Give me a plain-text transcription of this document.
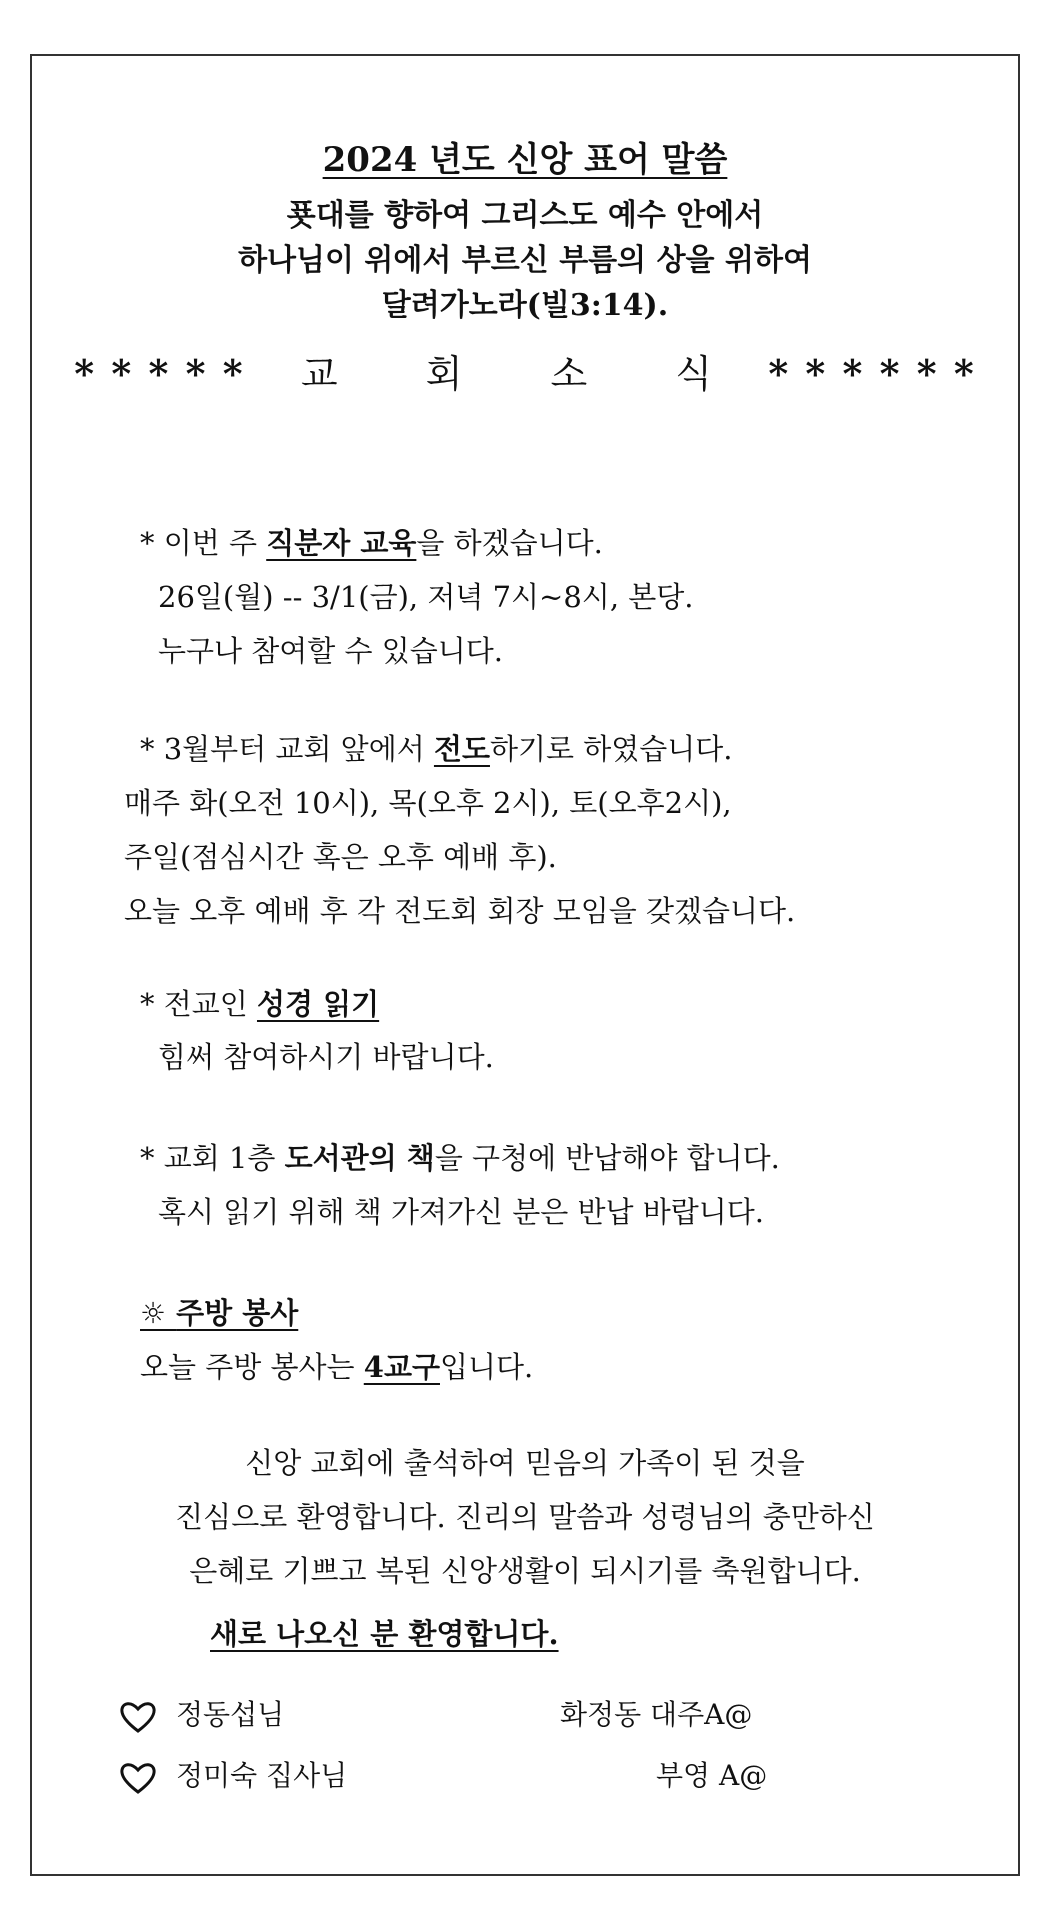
2024 년도 신앙 표어 말씀
푯대를 향하여 그리스도 예수 안에서
하나님이 위에서 부르신 부름의 상을 위하여
달려가노라(빌3:14).
* * * * * 교 회 소 식 * * * * * *
* 이번 주 직분자 교육을 하겠습니다.
26일(월) -- 3/1(금), 저녁 7시~8시, 본당.
누구나 참여할 수 있습니다.
* 3월부터 교회 앞에서 전도하기로 하였습니다.
매주 화(오전 10시), 목(오후 2시), 토(오후2시),
주일(점심시간 혹은 오후 예배 후).
오늘 오후 예배 후 각 전도회 회장 모임을 갖겠습니다.
* 전교인 성경 읽기
힘써 참여하시기 바랍니다.
* 교회 1층 도서관의 책을 구청에 반납해야 합니다.
혹시 읽기 위해 책 가져가신 분은 반납 바랍니다.
☼ 주방 봉사
오늘 주방 봉사는 4교구입니다.
신앙 교회에 출석하여 믿음의 가족이 된 것을
진심으로 환영합니다. 진리의 말씀과 성령님의 충만하신
은혜로 기쁘고 복된 신앙생활이 되시기를 축원합니다.
새로 나오신 분 환영합니다.
정동섭님	화정동 대주A@
정미숙 집사님	부영 A@
